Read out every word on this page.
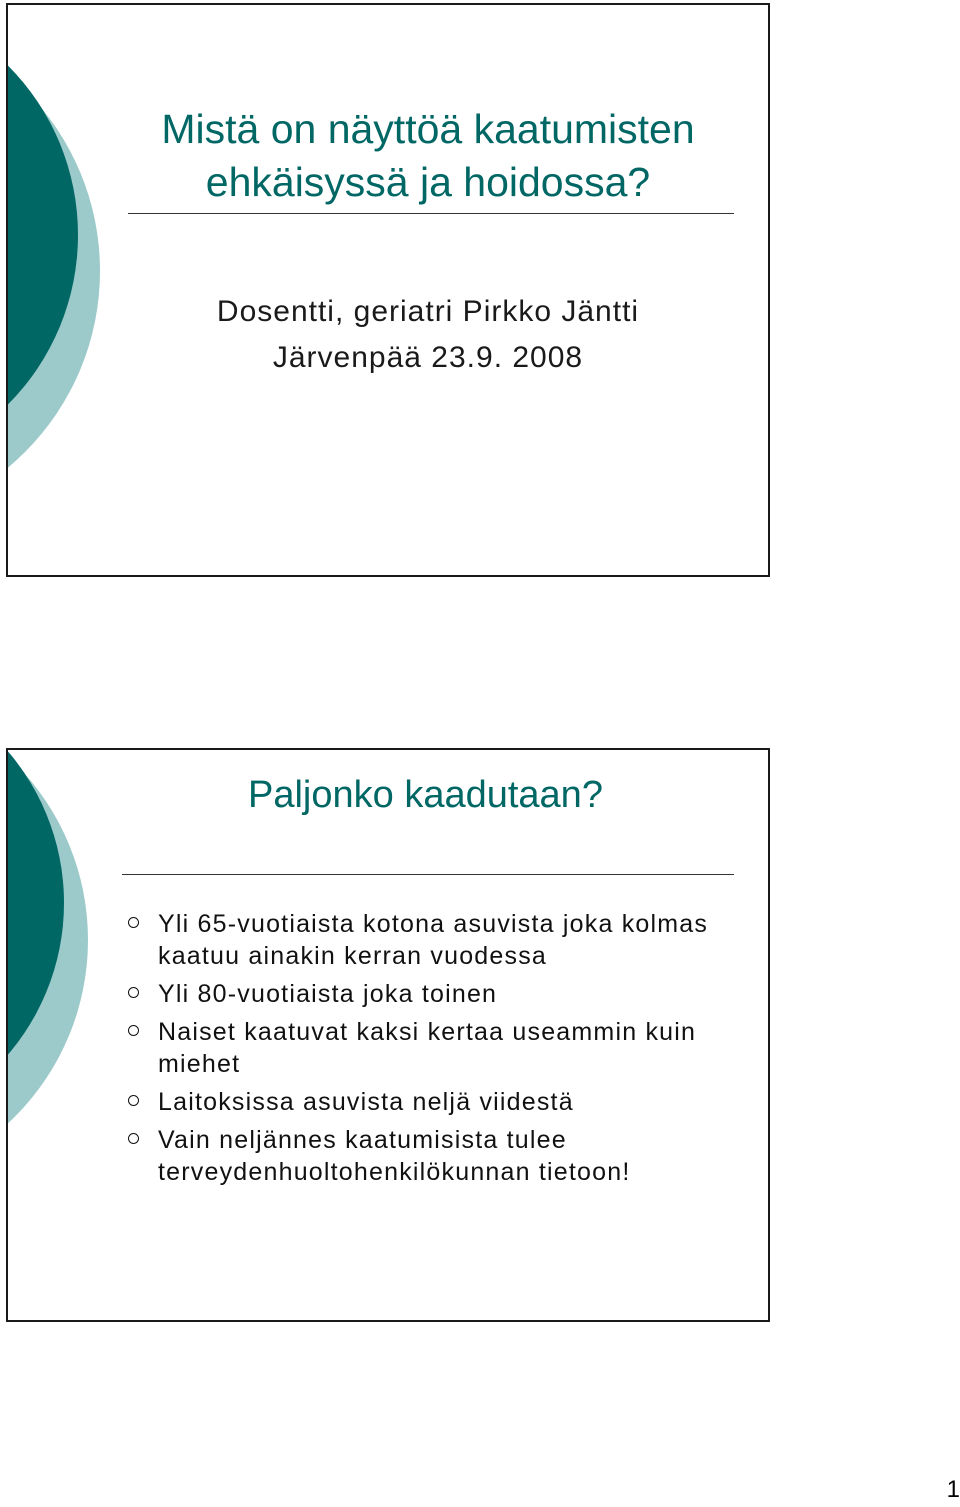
Mistä on näyttöä kaatumisten ehkäisyssä ja hoidossa?

Dosentti, geriatri Pirkko Jäntti

Järvenpää 23.9. 2008

Paljonko kaadutaan?
Yli 65-vuotiaista kotona asuvista joka kolmas kaatuu ainakin kerran vuodessa
Yli 80-vuotiaista joka toinen
Naiset kaatuvat kaksi kertaa useammin kuin miehet
Laitoksissa asuvista neljä viidestä
Vain neljännes kaatumisista tulee terveydenhuoltohenkilökunnan tietoon!
1
